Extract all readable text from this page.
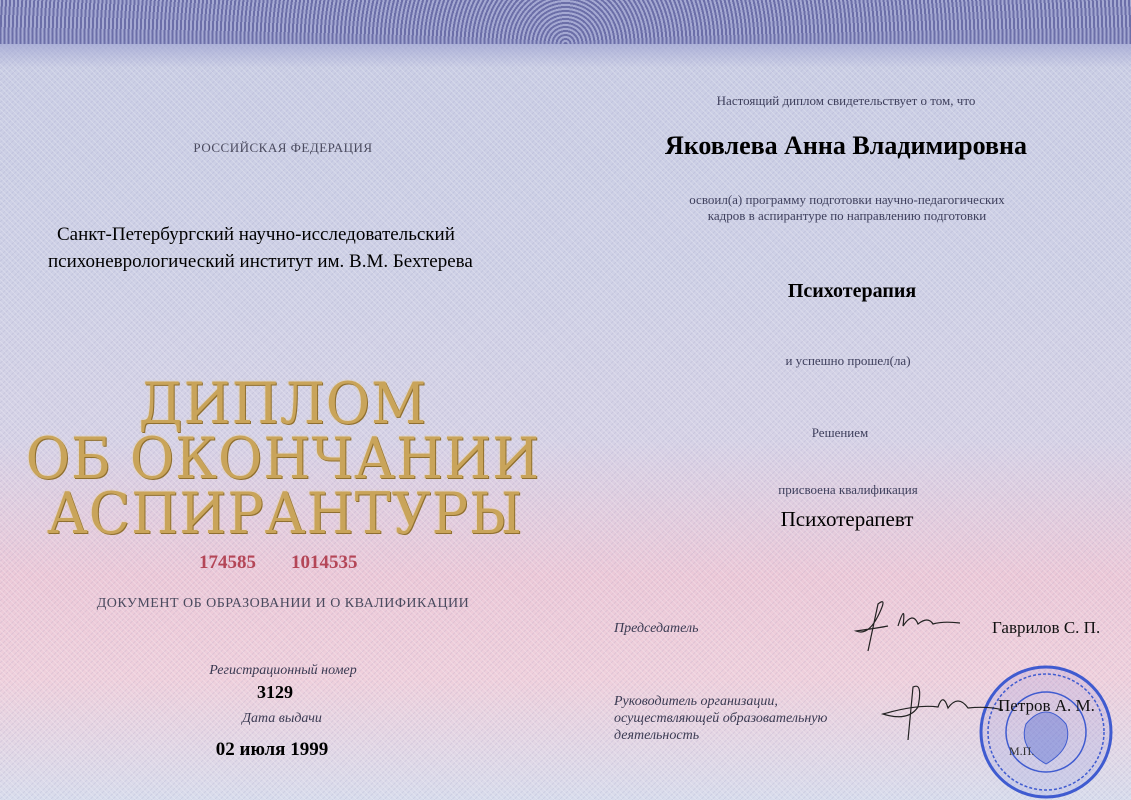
РОССИЙСКАЯ ФЕДЕРАЦИЯ
Санкт-Петербургский научно-исследовательский
психоневрологический институт им. В.М. Бехтерева
ДИПЛОМ
ОБ ОКОНЧАНИИ
АСПИРАНТУРЫ
174585 1014535
ДОКУМЕНТ ОБ ОБРАЗОВАНИИ И О КВАЛИФИКАЦИИ
Регистрационный номер
3129
Дата выдачи
02 июля 1999
Настоящий диплом свидетельствует о том, что
Яковлева Анна Владимировна
освоил(а) программу подготовки научно-педагогических
кадров в аспирантуре по направлению подготовки
Психотерапия
и успешно прошел(ла)
Решением
присвоена квалификация
Психотерапевт
Председатель	Гаврилов С. П.
Руководитель организации,
осуществляющей образовательную
деятельность
Петров А. М.
М.П.
